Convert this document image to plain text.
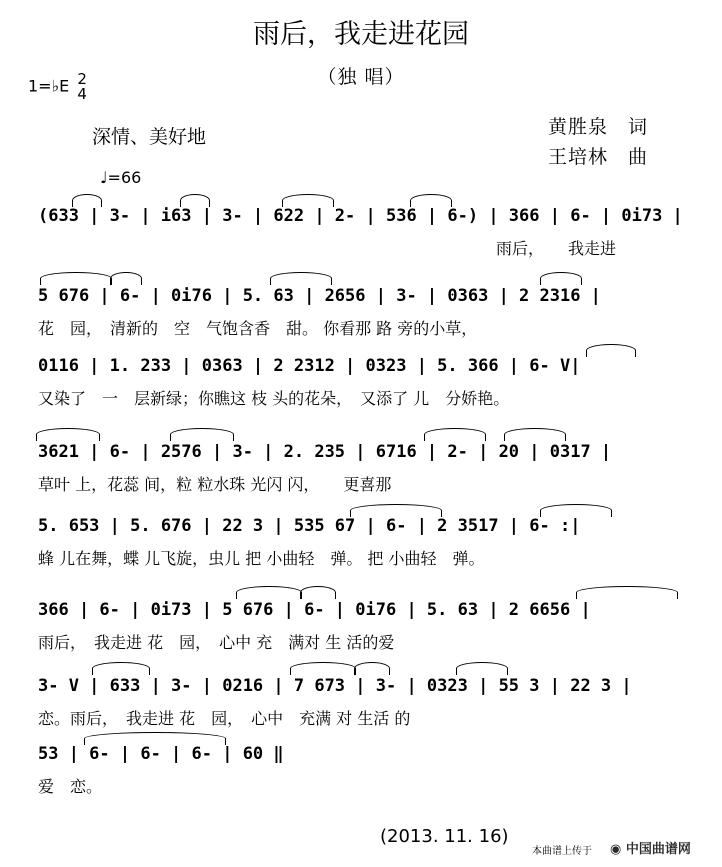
雨后，我走进花园
（独 唱）
1=♭E 2
4
深情、美好地	黄胜泉　词
王培林　曲
♩=66
(633 | 3- | i63 | 3- | 622 | 2- | 536 | 6-) | 366 | 6- | 0i73 |
雨后，　　我走进
5 676 | 6- | 0i76 | 5. 63 | 2656 | 3- | 0363 | 2 2316 |
花　园，　清新的　空　气饱含香　甜。 你看那 路 旁的小草，
0116 | 1. 233 | 0363 | 2 2312 | 0323 | 5. 366 | 6- V|
又染了　一　层新绿；你瞧这 枝 头的花朵，　又添了 儿　分娇艳。
3621 | 6- | 2576 | 3- | 2. 235 | 6716 | 2- | 20 | 0317 |
草叶 上，花蕊 间，粒 粒水珠 光闪 闪，　　更喜那
5. 653 | 5. 676 | 22 3 | 535 67 | 6- | 2 3517 | 6- :|
蜂 儿在舞，蝶 儿飞旋，虫儿 把 小曲轻　弹。 把 小曲轻　弹。
366 | 6- | 0i73 | 5 676 | 6- | 0i76 | 5. 63 | 2 6656 |
雨后，　我走进 花　园，　心中 充　满对 生 活的爱
3- V | 633 | 3- | 0216 | 7 673 | 3- | 0323 | 55 3 | 22 3 |
恋。雨后，　我走进 花　园，　心中　充满 对 生活 的
53 | 6- | 6- | 6- | 60 ‖
爱　恋。
(2013. 11. 16)
本曲谱上传于 ◉ 中国曲谱网
